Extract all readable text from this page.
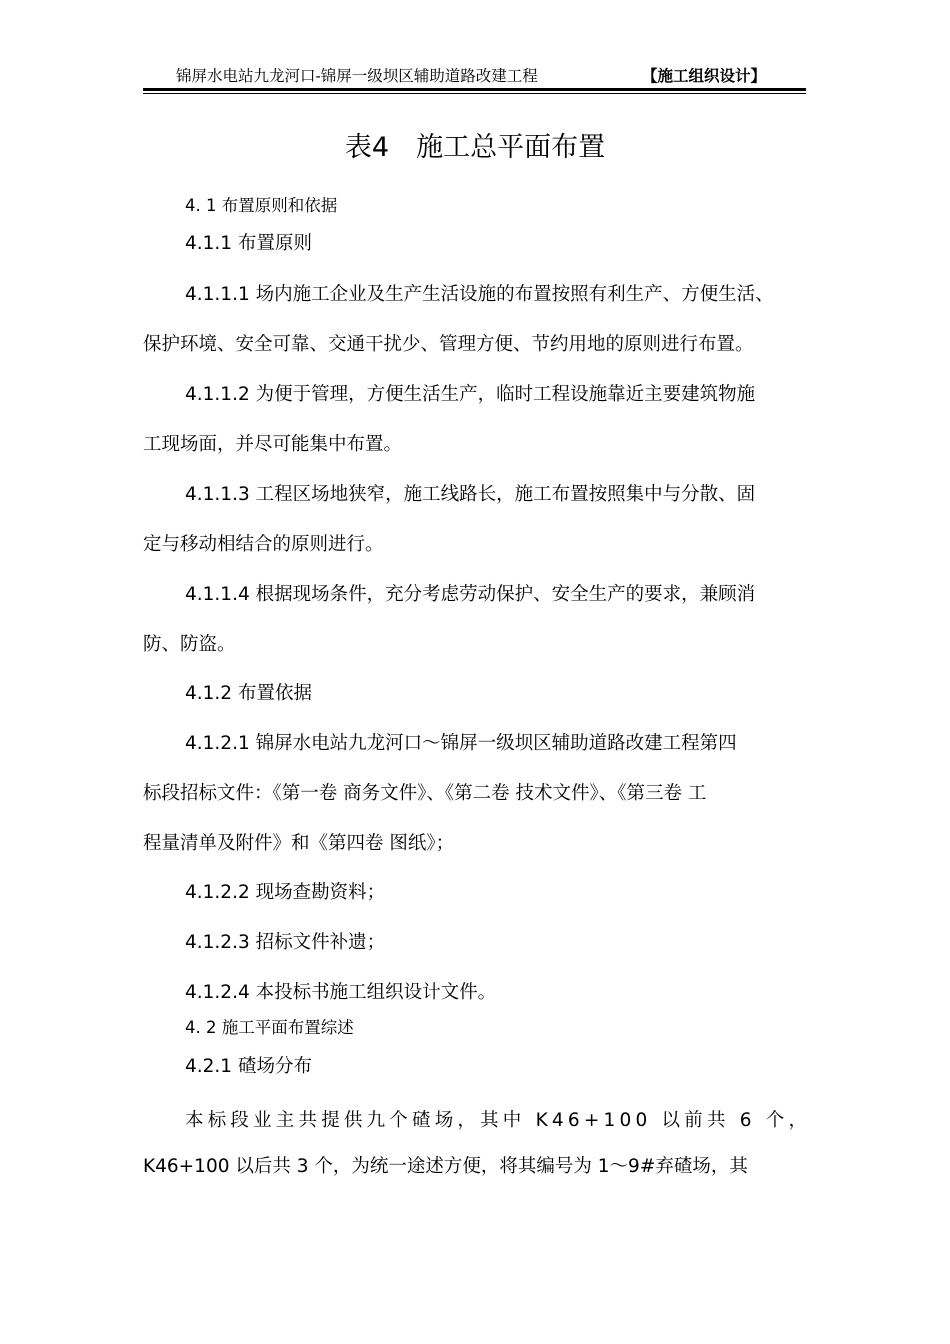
锦屏水电站九龙河口-锦屏一级坝区辅助道路改建工程	【施工组织设计】
表4　施工总平面布置
4. 1 布置原则和依据
4.1.1 布置原则
4.1.1.1 场内施工企业及生产生活设施的布置按照有利生产、方便生活、
保护环境、安全可靠、交通干扰少、管理方便、节约用地的原则进行布置。
4.1.1.2 为便于管理，方便生活生产，临时工程设施靠近主要建筑物施
工现场面，并尽可能集中布置。
4.1.1.3 工程区场地狭窄，施工线路长，施工布置按照集中与分散、固
定与移动相结合的原则进行。
4.1.1.4 根据现场条件，充分考虑劳动保护、安全生产的要求，兼顾消
防、防盗。
4.1.2 布置依据
4.1.2.1 锦屏水电站九龙河口～锦屏一级坝区辅助道路改建工程第四
标段招标文件：《第一卷 商务文件》、《第二卷 技术文件》、《第三卷 工
程量清单及附件》和《第四卷 图纸》；
4.1.2.2 现场查勘资料；
4.1.2.3 招标文件补遗；
4.1.2.4 本投标书施工组织设计文件。
4. 2 施工平面布置综述
4.2.1 碴场分布
本标段业主共提供九个碴场，其中 K46+100 以前共 6 个，
K46+100 以后共 3 个，为统一途述方便，将其编号为 1～9#弃碴场，其
